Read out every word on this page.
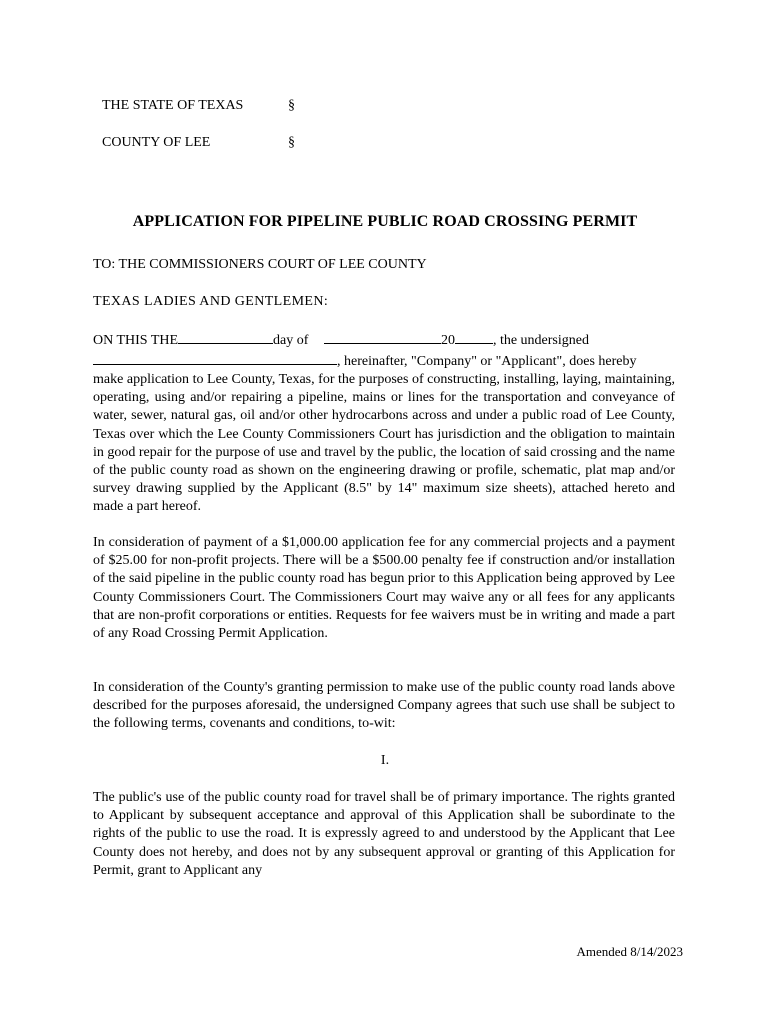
THE STATE OF TEXAS	§
COUNTY OF LEE	§
APPLICATION FOR PIPELINE PUBLIC ROAD CROSSING PERMIT
TO: THE COMMISSIONERS COURT OF LEE COUNTY
TEXAS LADIES AND GENTLEMEN:
ON THIS THE	day of	20	, the undersigned
, hereinafter, "Company" or "Applicant", does hereby

make application to Lee County, Texas, for the purposes of constructing, installing, laying, maintaining, operating, using and/or repairing a pipeline, mains or lines for the transportation and conveyance of water, sewer, natural gas, oil and/or other hydrocarbons across and under a public road of Lee County, Texas over which the Lee County Commissioners Court has jurisdiction and the obligation to maintain in good repair for the purpose of use and travel by the public, the location of said crossing and the name of the public county road as shown on the engineering drawing or profile, schematic, plat map and/or survey drawing supplied by the Applicant (8.5" by 14" maximum size sheets), attached hereto and made a part hereof.

In consideration of payment of a $1,000.00 application fee for any commercial projects and a payment of $25.00 for non-profit projects. There will be a $500.00 penalty fee if construction and/or installation of the said pipeline in the public county road has begun prior to this Application being approved by Lee County Commissioners Court. The Commissioners Court may waive any or all fees for any applicants that are non-profit corporations or entities. Requests for fee waivers must be in writing and made a part of any Road Crossing Permit Application.

In consideration of the County's granting permission to make use of the public county road lands above described for the purposes aforesaid, the undersigned Company agrees that such use shall be subject to the following terms, covenants and conditions, to-wit:

I.

The public's use of the public county road for travel shall be of primary importance. The rights granted to Applicant by subsequent acceptance and approval of this Application shall be subordinate to the rights of the public to use the road. It is expressly agreed to and understood by the Applicant that Lee County does not hereby, and does not by any subsequent approval or granting of this Application for Permit, grant to Applicant any

Amended 8/14/2023
